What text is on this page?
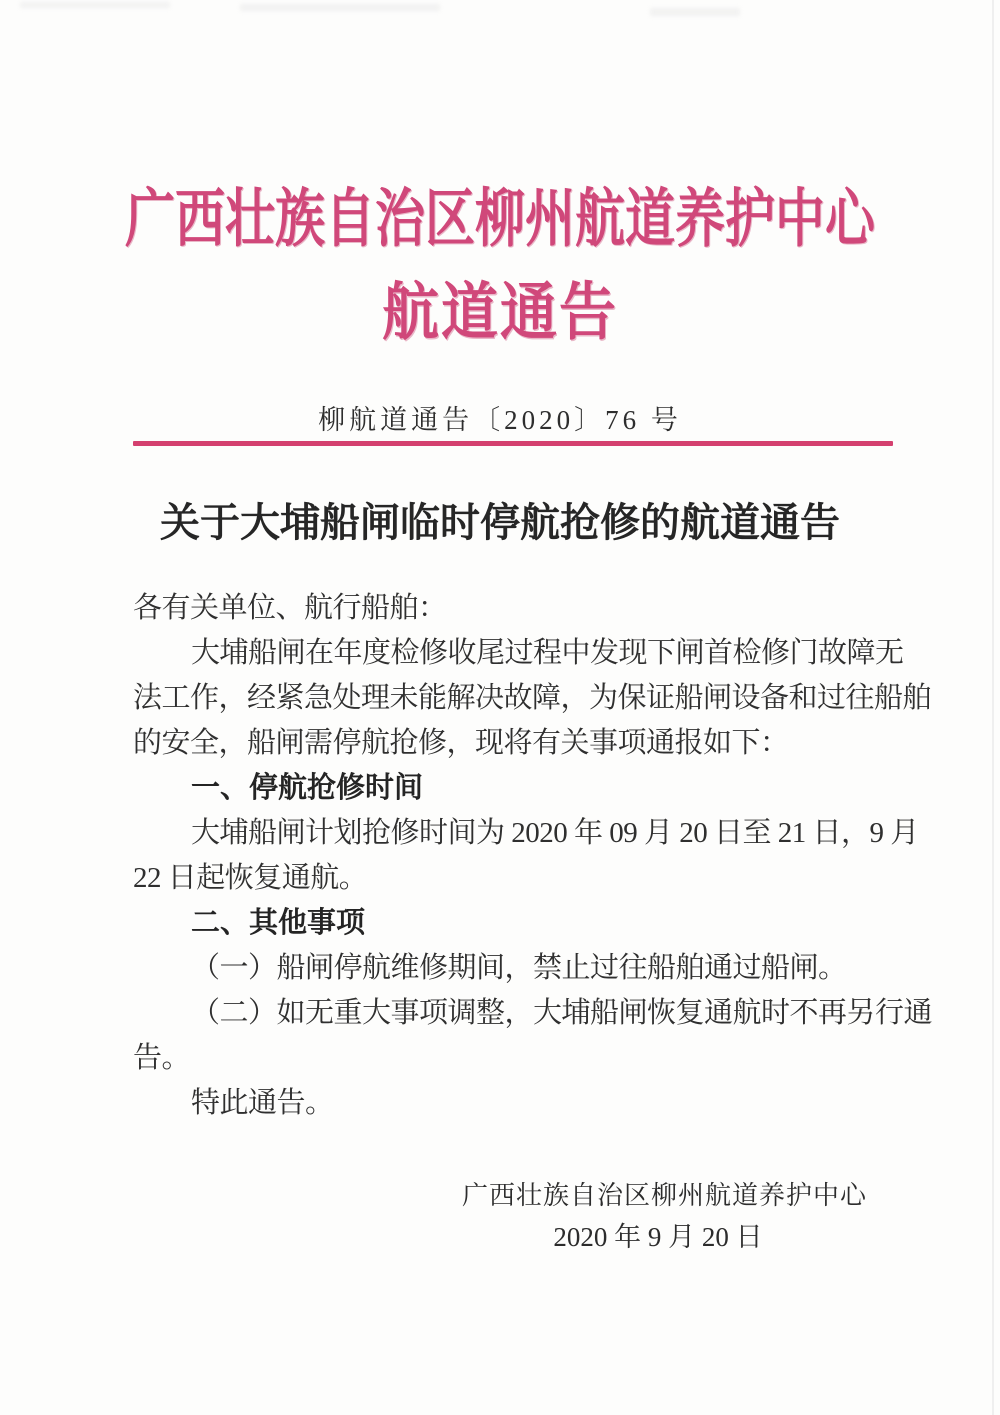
广西壮族自治区柳州航道养护中心
航道通告
柳航道通告〔2020〕76 号
关于大埔船闸临时停航抢修的航道通告
各有关单位、航行船舶：
大埔船闸在年度检修收尾过程中发现下闸首检修门故障无
法工作，经紧急处理未能解决故障，为保证船闸设备和过往船舶
的安全，船闸需停航抢修，现将有关事项通报如下：
一、停航抢修时间
大埔船闸计划抢修时间为 2020 年 09 月 20 日至 21 日，9 月
22 日起恢复通航。
二、其他事项
（一）船闸停航维修期间，禁止过往船舶通过船闸。
（二）如无重大事项调整，大埔船闸恢复通航时不再另行通
告。
特此通告。
广西壮族自治区柳州航道养护中心
2020 年 9 月 20 日
